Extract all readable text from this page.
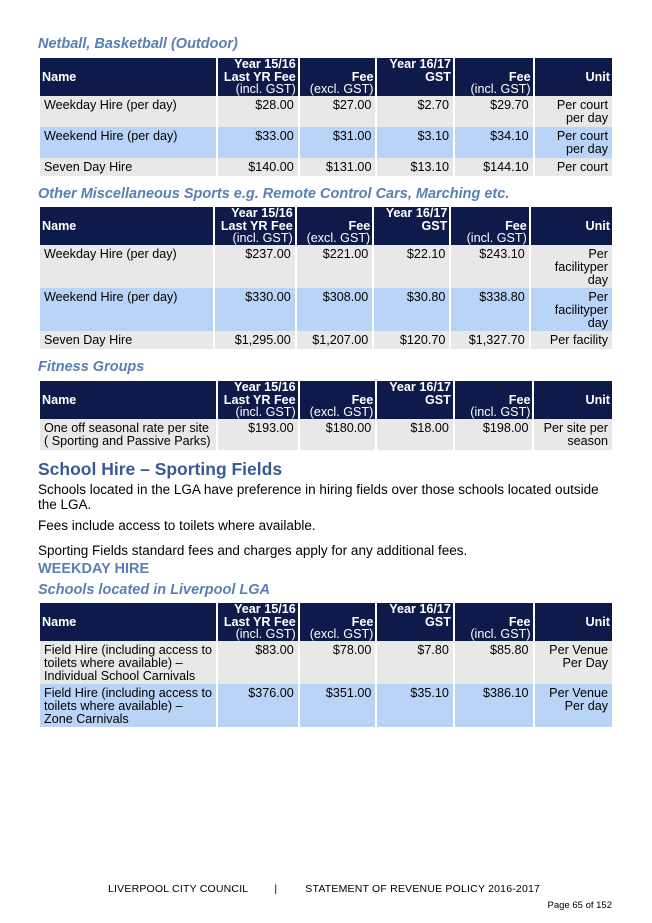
Netball, Basketball (Outdoor)
Name	Year 15/16
Last YR Fee
(incl. GST)	Fee
(excl. GST)	Year 16/17
GST	Fee
(incl. GST)	Unit
Weekday Hire (per day)	$28.00	$27.00	$2.70	$29.70	Per court per day
Weekend Hire (per day)	$33.00	$31.00	$3.10	$34.10	Per court per day
Seven Day Hire	$140.00	$131.00	$13.10	$144.10	Per court
Other Miscellaneous Sports e.g. Remote Control Cars, Marching etc.
Name	Year 15/16
Last YR Fee
(incl. GST)	Fee
(excl. GST)	Year 16/17
GST	Fee
(incl. GST)	Unit
Weekday Hire (per day)	$237.00	$221.00	$22.10	$243.10	Per facilityper day
Weekend Hire (per day)	$330.00	$308.00	$30.80	$338.80	Per facilityper day
Seven Day Hire	$1,295.00	$1,207.00	$120.70	$1,327.70	Per facility
Fitness Groups
Name	Year 15/16
Last YR Fee
(incl. GST)	Fee
(excl. GST)	Year 16/17
GST	Fee
(incl. GST)	Unit
One off seasonal rate per site ( Sporting and Passive Parks)	$193.00	$180.00	$18.00	$198.00	Per site per season
School Hire – Sporting Fields

Schools located in the LGA have preference in hiring fields over those schools located outside the LGA.

Fees include access to toilets where available.

Sporting Fields standard fees and charges apply for any additional fees.

WEEKDAY HIRE
Schools located in Liverpool LGA
Name	Year 15/16
Last YR Fee
(incl. GST)	Fee
(excl. GST)	Year 16/17
GST	Fee
(incl. GST)	Unit
Field Hire (including access to toilets where available) – Individual School Carnivals	$83.00	$78.00	$7.80	$85.80	Per Venue Per Day
Field Hire (including access to toilets where available) – Zone Carnivals	$376.00	$351.00	$35.10	$386.10	Per Venue Per day
LIVERPOOL CITY COUNCIL |	STATEMENT OF REVENUE POLICY 2016-2017
Page 65 of 152
